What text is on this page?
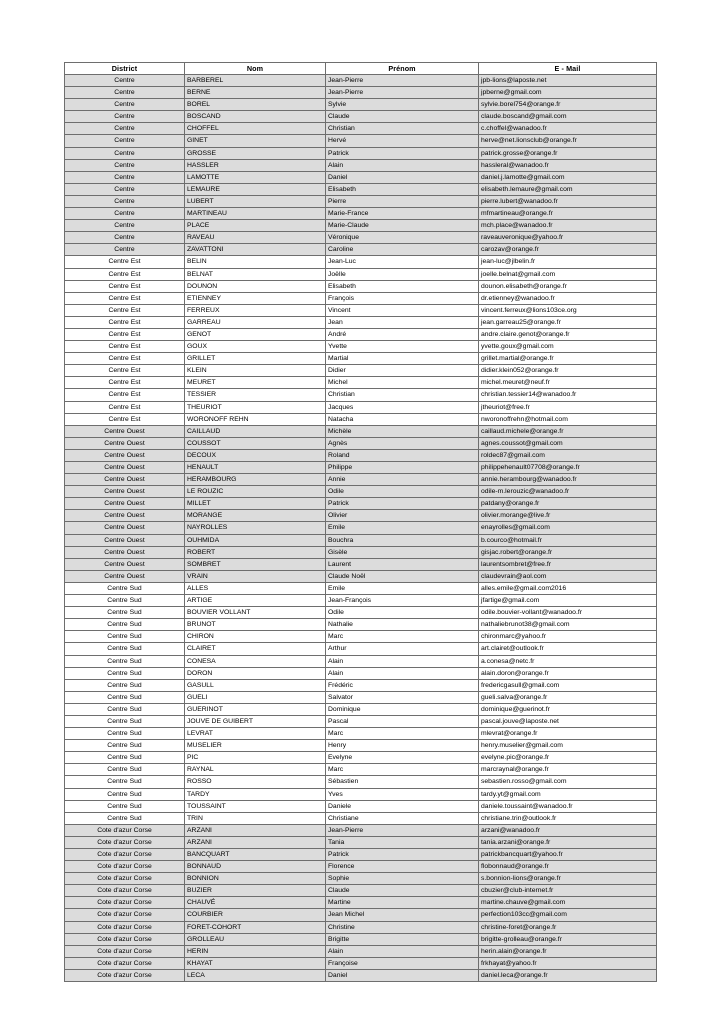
District	Nom	Prénom	E - Mail
Centre	BARBEREL	Jean-Pierre	jpb-lions@laposte.net
Centre	BERNE	Jean-Pierre	jpberne@gmail.com
Centre	BOREL	Sylvie	sylvie.borel754@orange.fr
Centre	BOSCAND	Claude	claude.boscand@gmail.com
Centre	CHOFFEL	Christian	c.choffel@wanadoo.fr
Centre	GINET	Hervé	herve@net.lionsclub@orange.fr
Centre	GROSSE	Patrick	patrick.grosse@orange.fr
Centre	HASSLER	Alain	hassleral@wanadoo.fr
Centre	LAMOTTE	Daniel	daniel.j.lamotte@gmail.com
Centre	LEMAURE	Elisabeth	elisabeth.lemaure@gmail.com
Centre	LUBERT	Pierre	pierre.lubert@wanadoo.fr
Centre	MARTINEAU	Marie-France	mfmartineau@orange.fr
Centre	PLACE	Marie-Claude	mch.place@wanadoo.fr
Centre	RAVEAU	Véronique	raveauveronique@yahoo.fr
Centre	ZAVATTONI	Caroline	carozav@orange.fr
Centre Est	BELIN	Jean-Luc	jean-luc@jlbelin.fr
Centre Est	BELNAT	Joëlle	joelle.belnat@gmail.com
Centre Est	DOUNON	Elisabeth	dounon.elisabeth@orange.fr
Centre Est	ETIENNEY	François	dr.etienney@wanadoo.fr
Centre Est	FERREUX	Vincent	vincent.ferreux@lions103ce.org
Centre Est	GARREAU	Jean	jean.garreau25@orange.fr
Centre Est	GENOT	André	andre.claire.genot@orange.fr
Centre Est	GOUX	Yvette	yvette.goux@gmail.com
Centre Est	GRILLET	Martial	grillet.martial@orange.fr
Centre Est	KLEIN	Didier	didier.klein052@orange.fr
Centre Est	MEURET	Michel	michel.meuret@neuf.fr
Centre Est	TESSIER	Christian	christian.tessier14@wanadoo.fr
Centre Est	THEURIOT	Jacques	jtheuriot@free.fr
Centre Est	WORONOFF REHN	Natacha	nworonoffrehn@hotmail.com
Centre Ouest	CAILLAUD	Michèle	caillaud.michele@orange.fr
Centre Ouest	COUSSOT	Agnès	agnes.coussot@gmail.com
Centre Ouest	DECOUX	Roland	roldec87@gmail.com
Centre Ouest	HENAULT	Philippe	philippehenault07708@orange.fr
Centre Ouest	HERAMBOURG	Annie	annie.herambourg@wanadoo.fr
Centre Ouest	LE ROUZIC	Odile	odile-m.lerouzic@wanadoo.fr
Centre Ouest	MILLET	Patrick	patdany@orange.fr
Centre Ouest	MORANGE	Olivier	olivier.morange@live.fr
Centre Ouest	NAYROLLES	Emile	enayrolles@gmail.com
Centre Ouest	OUHMIDA	Bouchra	b.courco@hotmail.fr
Centre Ouest	ROBERT	Gisèle	gisjac.robert@orange.fr
Centre Ouest	SOMBRET	Laurent	laurentsombret@free.fr
Centre Ouest	VRAIN	Claude Noël	claudevrain@aol.com
Centre Sud	ALLES	Emile	alles.emile@gmail.com2016
Centre Sud	ARTIGE	Jean-François	jfartige@gmail.com
Centre Sud	BOUVIER VOLLANT	Odile	odile.bouvier-vollant@wanadoo.fr
Centre Sud	BRUNOT	Nathalie	nathaliebrunot38@gmail.com
Centre Sud	CHIRON	Marc	chironmarc@yahoo.fr
Centre Sud	CLAIRET	Arthur	art.clairet@outlook.fr
Centre Sud	CONESA	Alain	a.conesa@netc.fr
Centre Sud	DORON	Alain	alain.doron@orange.fr
Centre Sud	GASULL	Frédéric	fredericgasull@gmail.com
Centre Sud	GUELI	Salvator	gueli.salva@orange.fr
Centre Sud	GUERINOT	Dominique	dominique@guerinot.fr
Centre Sud	JOUVE DE GUIBERT	Pascal	pascal.jouve@laposte.net
Centre Sud	LEVRAT	Marc	mlevrat@orange.fr
Centre Sud	MUSELIER	Henry	henry.muselier@gmail.com
Centre Sud	PIC	Evelyne	evelyne.pic@orange.fr
Centre Sud	RAYNAL	Marc	marcraynal@orange.fr
Centre Sud	ROSSO	Sébastien	sebastien.rosso@gmail.com
Centre Sud	TARDY	Yves	tardy.yt@gmail.com
Centre Sud	TOUSSAINT	Daniele	daniele.toussaint@wanadoo.fr
Centre Sud	TRIN	Christiane	christiane.trin@outlook.fr
Cote d'azur Corse	ARZANI	Jean-Pierre	arzani@wanadoo.fr
Cote d'azur Corse	ARZANI	Tania	tania.arzani@orange.fr
Cote d'azur Corse	BANCQUART	Patrick	patrickbancquart@yahoo.fr
Cote d'azur Corse	BONNAUD	Florence	flobonnaud@orange.fr
Cote d'azur Corse	BONNION	Sophie	s.bonnion-lions@orange.fr
Cote d'azur Corse	BUZIER	Claude	cbuzier@club-internet.fr
Cote d'azur Corse	CHAUVÉ	Martine	martine.chauve@gmail.com
Cote d'azur Corse	COURBIER	Jean Michel	perfection103cc@gmail.com
Cote d'azur Corse	FORET-COHORT	Christine	christine-foret@orange.fr
Cote d'azur Corse	GROLLEAU	Brigitte	brigitte-grolleau@orange.fr
Cote d'azur Corse	HERIN	Alain	herin.alain@orange.fr
Cote d'azur Corse	KHAYAT	Françoise	frkhayat@yahoo.fr
Cote d'azur Corse	LECA	Daniel	daniel.leca@orange.fr
